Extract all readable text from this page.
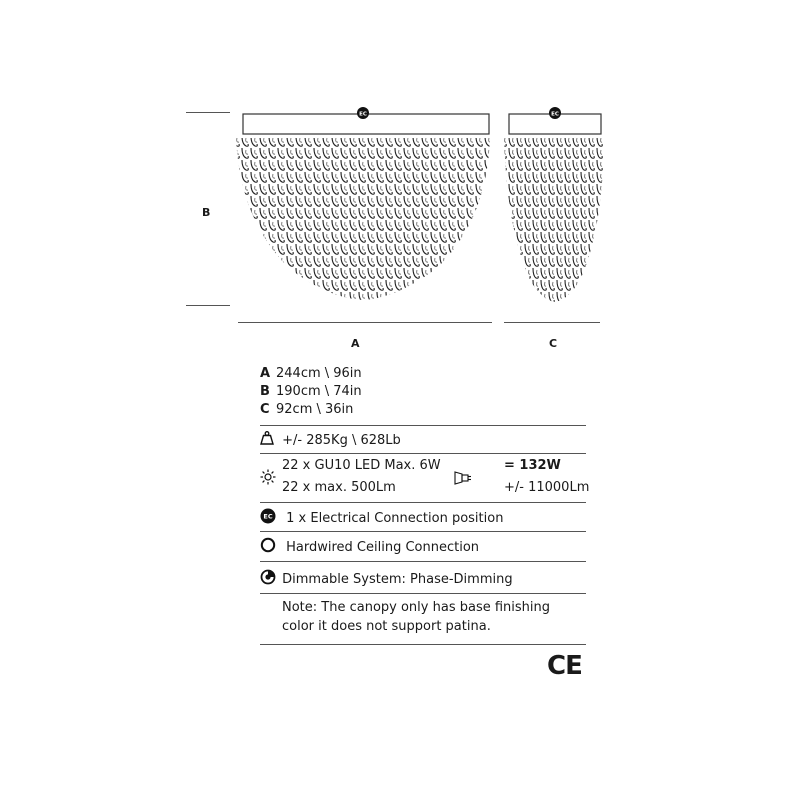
B
EC	EC
A	C
A 244cm \ 96in
B 190cm \ 74in
C 92cm \ 36in
+/- 285Kg \ 628Lb
22 x GU10 LED Max. 6W
22 x max. 500Lm
= 132W
+/- 11000Lm
EC 1 x Electrical Connection position
Hardwired Ceiling Connection
Dimmable System: Phase-Dimming
Note: The canopy only has base finishing
color it does not support patina.
CE
